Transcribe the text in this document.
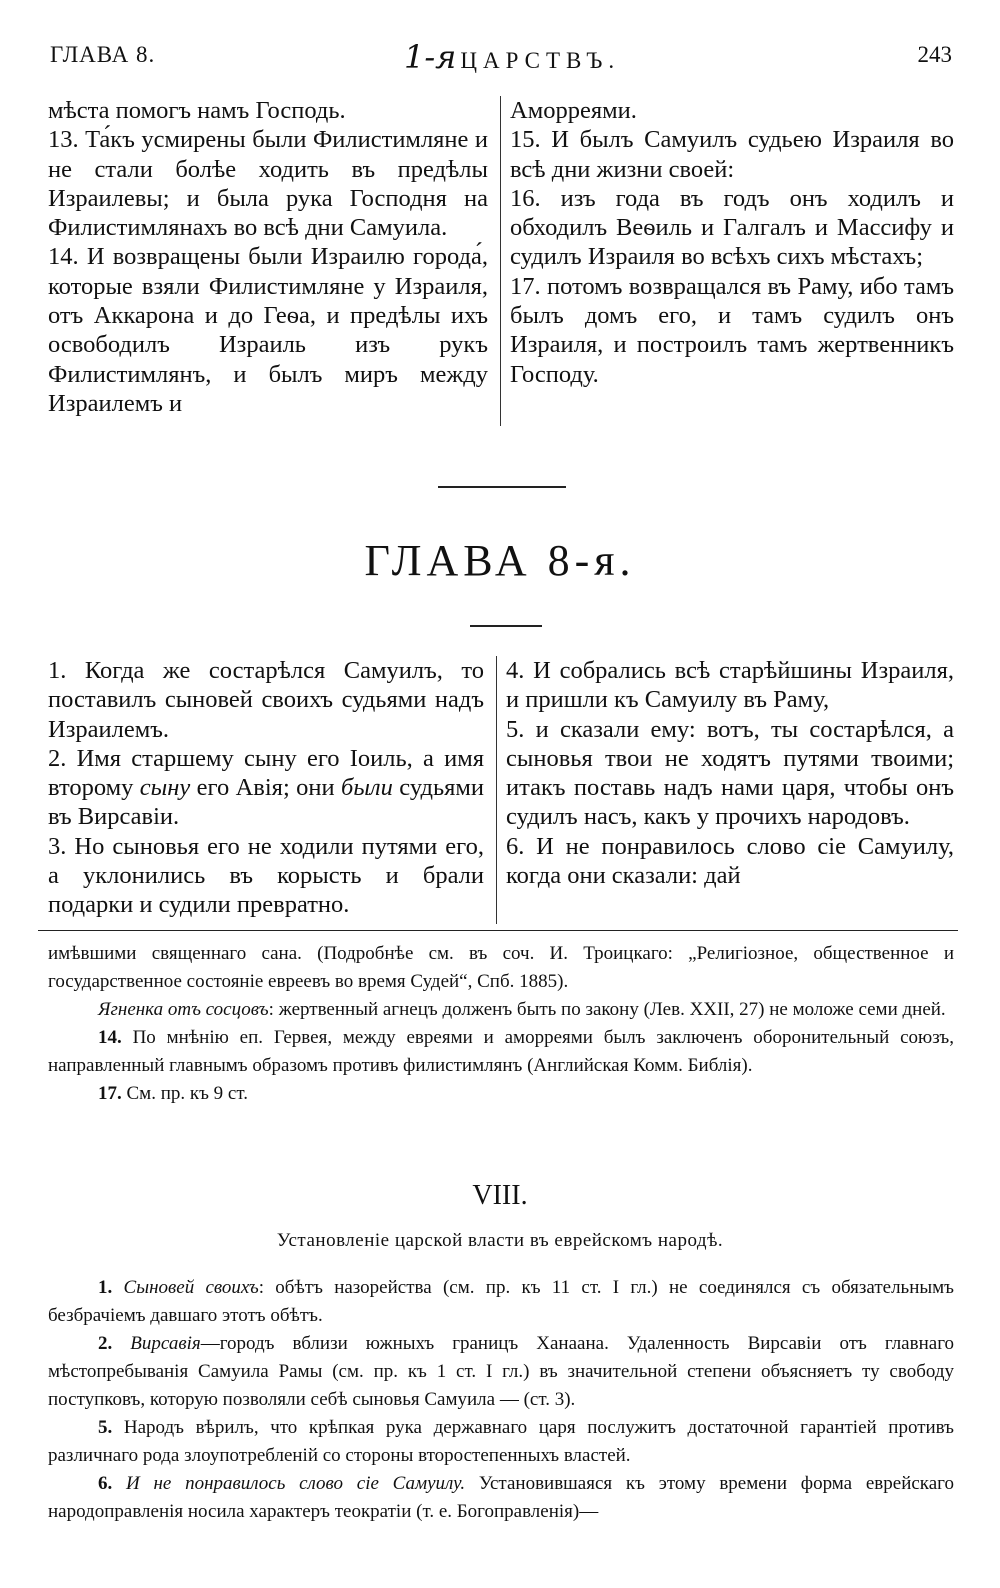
ГЛАВА 8.	1-я ЦАРСТВЪ.	243

мѣста помогъ намъ Господь.

13. Та́къ усмирены были Филистимляне и не стали болѣе ходить въ предѣлы Израилевы; и была рука Господня на Филистимлянахъ во всѣ дни Самуила.

14. И возвращены были Израилю города́, которые взяли Филистимляне у Израиля, отъ Аккарона и до Геѳа, и предѣлы ихъ освободилъ Израиль изъ рукъ Филистимлянъ, и былъ миръ между Израилемъ и

Аморреями.

15. И былъ Самуилъ судьею Израиля во всѣ дни жизни своей:

16. изъ года въ годъ онъ ходилъ и обходилъ Веѳиль и Галгалъ и Массифу и судилъ Израиля во всѣхъ сихъ мѣстахъ;

17. потомъ возвращался въ Раму, ибо тамъ былъ домъ его, и тамъ судилъ онъ Израиля, и построилъ тамъ жертвенникъ Господу.

ГЛАВА 8-я.

1. Когда же состарѣлся Самуилъ, то поставилъ сыновей своихъ судьями надъ Израилемъ.

2. Имя старшему сыну его Іоиль, а имя второму сыну его Авія; они были судьями въ Вирсавіи.

3. Но сыновья его не ходили путями его, а уклонились въ корысть и брали подарки и судили превратно.

4. И собрались всѣ старѣйшины Израиля, и пришли къ Самуилу въ Раму,

5. и сказали ему: вотъ, ты состарѣлся, а сыновья твои не ходятъ путями твоими; итакъ поставь надъ нами царя, чтобы онъ судилъ насъ, какъ у прочихъ народовъ.

6. И не понравилось слово сіе Самуилу, когда они сказали: дай

имѣвшими священнаго сана. (Подробнѣе см. въ соч. И. Троицкаго: „Религіозное, общественное и государственное состояніе евреевъ во время Судей“, Спб. 1885).

Ягненка отъ сосцовъ: жертвенный агнецъ долженъ быть по закону (Лев. XXII, 27) не моложе семи дней.

14. По мнѣнію еп. Гервея, между евреями и аморреями былъ заключенъ оборонительный союзъ, направленный главнымъ образомъ противъ филистимлянъ (Английская Комм. Библія).

17. См. пр. къ 9 ст.

VIII.
Установленіе царской власти въ еврейскомъ народѣ.

1. Сыновей своихъ: обѣтъ назорейства (см. пр. къ 11 ст. I гл.) не соединялся съ обязательнымъ безбрачіемъ давшаго этотъ обѣтъ.

2. Вирсавія—городъ вблизи южныхъ границъ Ханаана. Удаленность Вирсавіи отъ главнаго мѣстопребыванія Самуила Рамы (см. пр. къ 1 ст. I гл.) въ значительной степени объясняетъ ту свободу поступковъ, которую позволяли себѣ сыновья Самуила — (ст. 3).

5. Народъ вѣрилъ, что крѣпкая рука державнаго царя послужитъ достаточной гарантіей противъ различнаго рода злоупотребленій со стороны второстепенныхъ властей.

6. И не понравилось слово сіе Самуилу. Установившаяся къ этому времени форма еврейскаго народоправленія носила характеръ теократіи (т. е. Богоправленія)—
